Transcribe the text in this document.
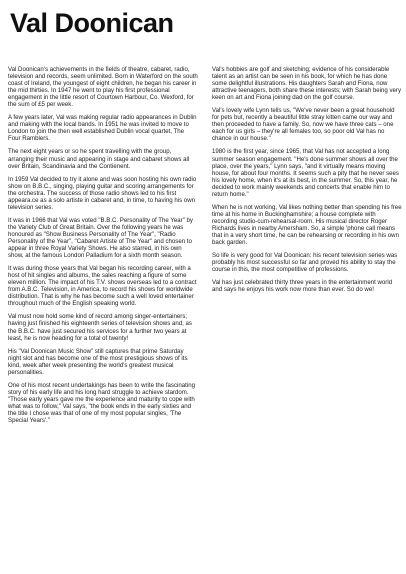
Val Doonican

Val Doonican's achievements in the fields of theatre, cabaret, radio, television and records, seem unlimited. Born in Waterford on the south coast of Ireland, the youngest of eight children, he began his career in the mid thirties. In 1947 he went to play his first professional engagement in the little resort of Courtown Harbour, Co. Wexford, for the sum of £5 per week.

A few years later, Val was making regular radio appearances in Dublin and making with the local bands. In 1951 he was invited to move to London to join the then well established Dublin vocal quartet, The Four Ramblers.

The next eight years or so he spent travelling with the group, arranging their music and appearing in stage and cabaret shows all over Britain, Scandinavia and the Contienent.

In 1959 Val decided to try it alone and was soon hosting his own radio show on B.B.C., singing, playing guitar and scoring arrangements for the orchestra. The success of those radio shows led to his first appeara.ce as a solo artiste in cabaret and, in time, to having his own television series.

It was in 1966 that Val was voted "B.B.C. Personality of The Year" by the Variety Club of Great Britain. Over the following years he was honoured as "Show Business Personality of The Year", "Radio Personality of the Year", "Cabaret Artiste of The Year" and chosen to appear in three Royal Variety Shows. He also starred, in his own show, at the famous London Palladium for a sixth month season.

It was during those years that Val began his recording career, with a host of hit singles and albums, the sales reaching a figure of some eleven million. The impact of his T.V. shows overseas led to a contract from A.B.C. Television, in America, to record his shows for worldwide distribution. That is why he has become such a well loved entertainer throughout much of the English speaking world.

Val must now hold some kind of record among singer-entertainers; having just finished his eighteenth series of television shows and, as the B.B.C. have just secured his services for a further two years at least, he is now heading for a total of twenty!

His "Val Doonican Music Show" still captures that prime Saturday night slot and has become one of the most prestigious shows of its kind, week after week presenting the world's greatest musical personalities.

One of his most recent undertakings has been to write the fascinating story of his early life and his long hard struggle to achieve stardom. "Those early years gave me the experience and maturity to cope with what was to follow," Val says, "the book ends in the early sixties and the title I chose was that of one of my most popular singles, 'The Special Years'."

Val's hobbies are golf and sketching; evidence of his considerable talent as an artist can be seen in his book, for which he has done some delightful illustrations. His daughters Sarah and Fiona, now attractive teenagers, both share these interests; with Sarah being very keen on art and Fiona joining dad on the golf course.

Val's lovely wife Lynn tells us, "We've never been a great household for pets but, recently a beautiful little stray kitten came our way and then proceeded to have a family. So, now we have three cats – one each for us girls – they're all females too, so poor old Val has no chance in our house."

1980 is the first year, since 1965, that Val has not accepted a long summer season engagement. "He's done summer shows all over the place, over the years," Lynn says, "and it virtually means moving house, for about four months. It seems such a pity that he never sees his lovely home, when it's at its best, in the summer. So, this year, he decided to work mainly weekends and concerts that enable him to return home."

When he is not working, Val likes nothing better than spending his free time at his home in Buckinghamshire; a house complete with recording studio-cum-rehearsal-room. His musical director Roger Richards lives in nearby Amersham. So, a simple 'phone call means that in a very short time, he can be rehearsing or recording in his own back garden.

So life is very good for Val Doonican: his recent television series was probably his most successful so far and proved his ability to stay the course in this, the most competitive of professions.

Val has just celebrated thirty three years in the entertainment world and says he enjoys his work now more than ever. So do we!
